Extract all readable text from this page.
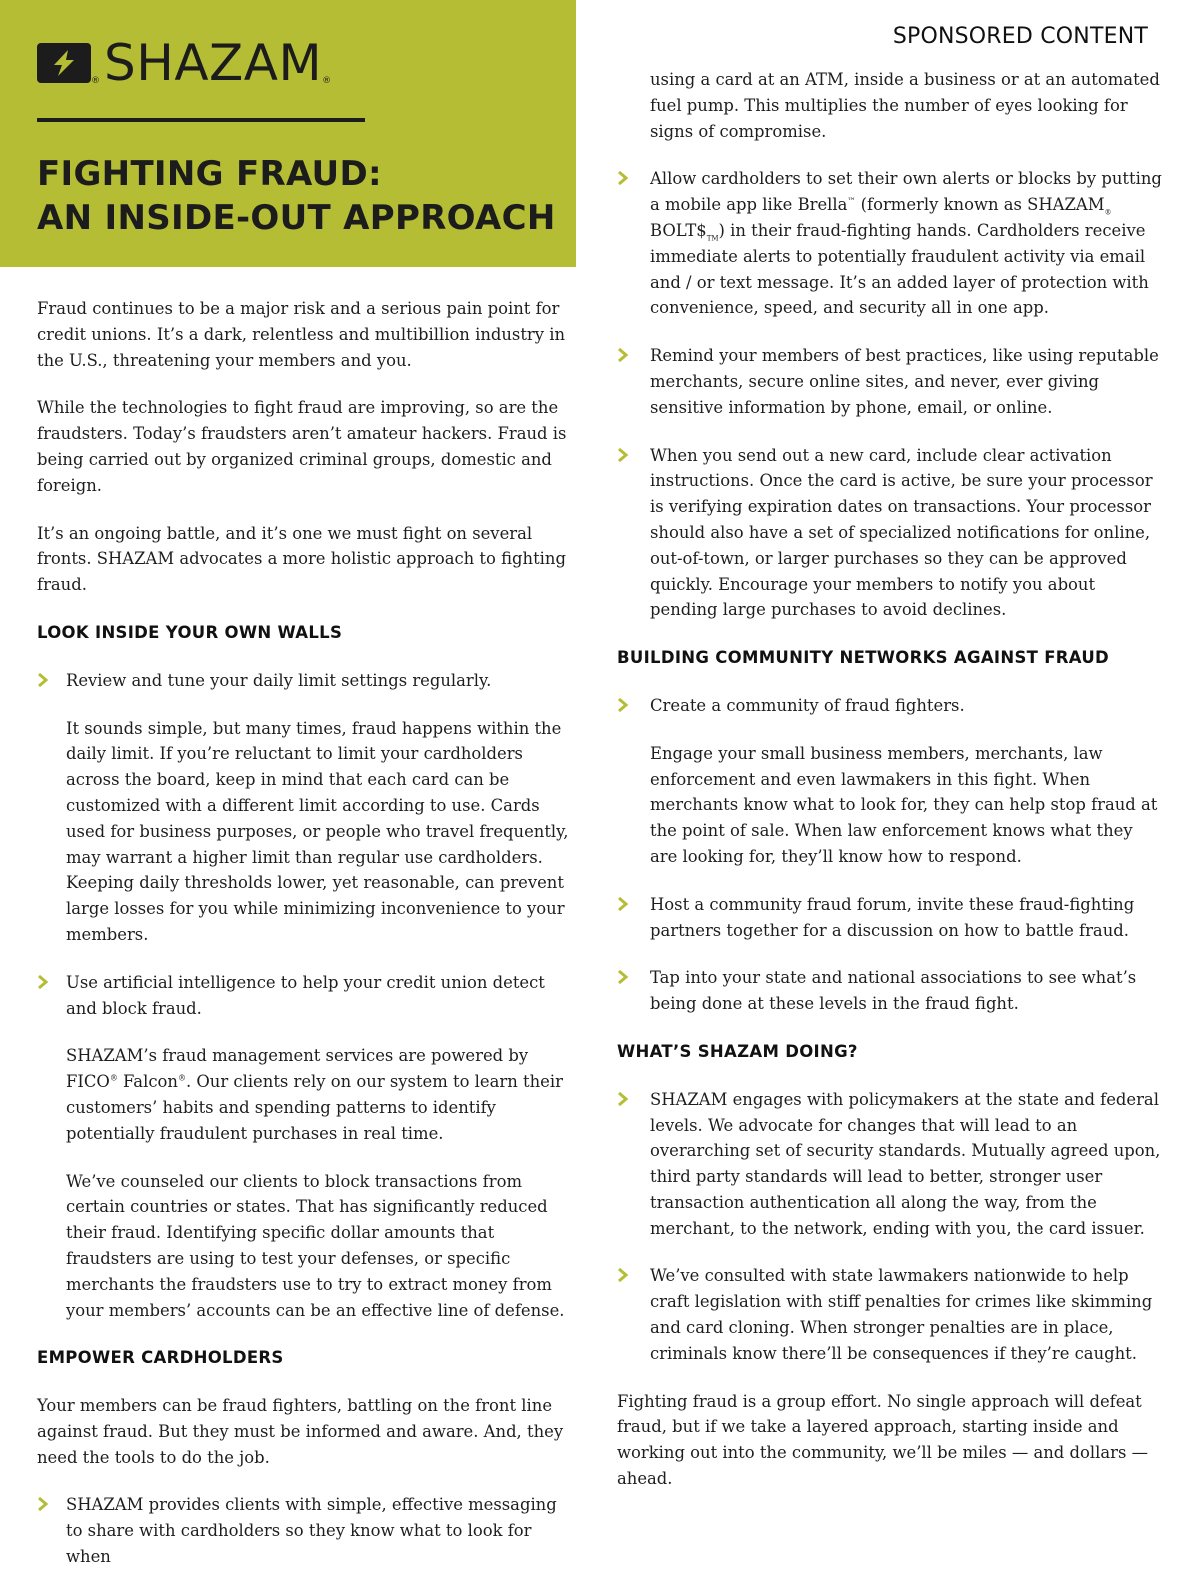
® SHAZAM ®
FIGHTING FRAUD:
AN INSIDE-OUT APPROACH
SPONSORED CONTENT

Fraud continues to be a major risk and a serious pain point for credit unions. It’s a dark, relentless and multibillion industry in the U.S., threatening your members and you.

While the technologies to fight fraud are improving, so are the fraudsters. Today’s fraudsters aren’t amateur hackers. Fraud is being carried out by organized criminal groups, domestic and foreign.

It’s an ongoing battle, and it’s one we must fight on several fronts. SHAZAM advocates a more holistic approach to fighting fraud.

LOOK INSIDE YOUR OWN WALLS
Review and tune your daily limit settings regularly.

It sounds simple, but many times, fraud happens within the daily limit. If you’re reluctant to limit your cardholders across the board, keep in mind that each card can be customized with a different limit according to use. Cards used for business purposes, or people who travel frequently, may warrant a higher limit than regular use cardholders. Keeping daily thresholds lower, yet reasonable, can prevent large losses for you while minimizing inconvenience to your members.

Use artificial intelligence to help your credit union detect and block fraud.

SHAZAM’s fraud management services are powered by FICO® Falcon®. Our clients rely on our system to learn their customers’ habits and spending patterns to identify potentially fraudulent purchases in real time.

We’ve counseled our clients to block transactions from certain countries or states. That has significantly reduced their fraud. Identifying specific dollar amounts that fraudsters are using to test your defenses, or specific merchants the fraudsters use to try to extract money from your members’ accounts can be an effective line of defense.

EMPOWER CARDHOLDERS

Your members can be fraud fighters, battling on the front line against fraud. But they must be informed and aware. And, they need the tools to do the job.

SHAZAM provides clients with simple, effective messaging to share with cardholders so they know what to look for when

using a card at an ATM, inside a business or at an automated fuel pump. This multiplies the number of eyes looking for signs of compromise.

Allow cardholders to set their own alerts or blocks by putting a mobile app like Brella™ (formerly known as $SHAZAM_®$ $BOLT\$_{TM}$) in their fraud-fighting hands. Cardholders receive immediate alerts to potentially fraudulent activity via email and / or text message. It’s an added layer of protection with convenience, speed, and security all in one app.
Remind your members of best practices, like using reputable merchants, secure online sites, and never, ever giving sensitive information by phone, email, or online.
When you send out a new card, include clear activation instructions. Once the card is active, be sure your processor is verifying expiration dates on transactions. Your processor should also have a set of specialized notifications for online, out-of-town, or larger purchases so they can be approved quickly. Encourage your members to notify you about pending large purchases to avoid declines.
BUILDING COMMUNITY NETWORKS AGAINST FRAUD
Create a community of fraud fighters.

Engage your small business members, merchants, law enforcement and even lawmakers in this fight. When merchants know what to look for, they can help stop fraud at the point of sale. When law enforcement knows what they are looking for, they’ll know how to respond.

Host a community fraud forum, invite these fraud-fighting partners together for a discussion on how to battle fraud.
Tap into your state and national associations to see what’s being done at these levels in the fraud fight.
WHAT’S SHAZAM DOING?
SHAZAM engages with policymakers at the state and federal levels. We advocate for changes that will lead to an overarching set of security standards. Mutually agreed upon, third party standards will lead to better, stronger user transaction authentication all along the way, from the merchant, to the network, ending with you, the card issuer.
We’ve consulted with state lawmakers nationwide to help craft legislation with stiff penalties for crimes like skimming and card cloning. When stronger penalties are in place, criminals know there’ll be consequences if they’re caught.

Fighting fraud is a group effort. No single approach will defeat fraud, but if we take a layered approach, starting inside and working out into the community, we’ll be miles — and dollars — ahead.
